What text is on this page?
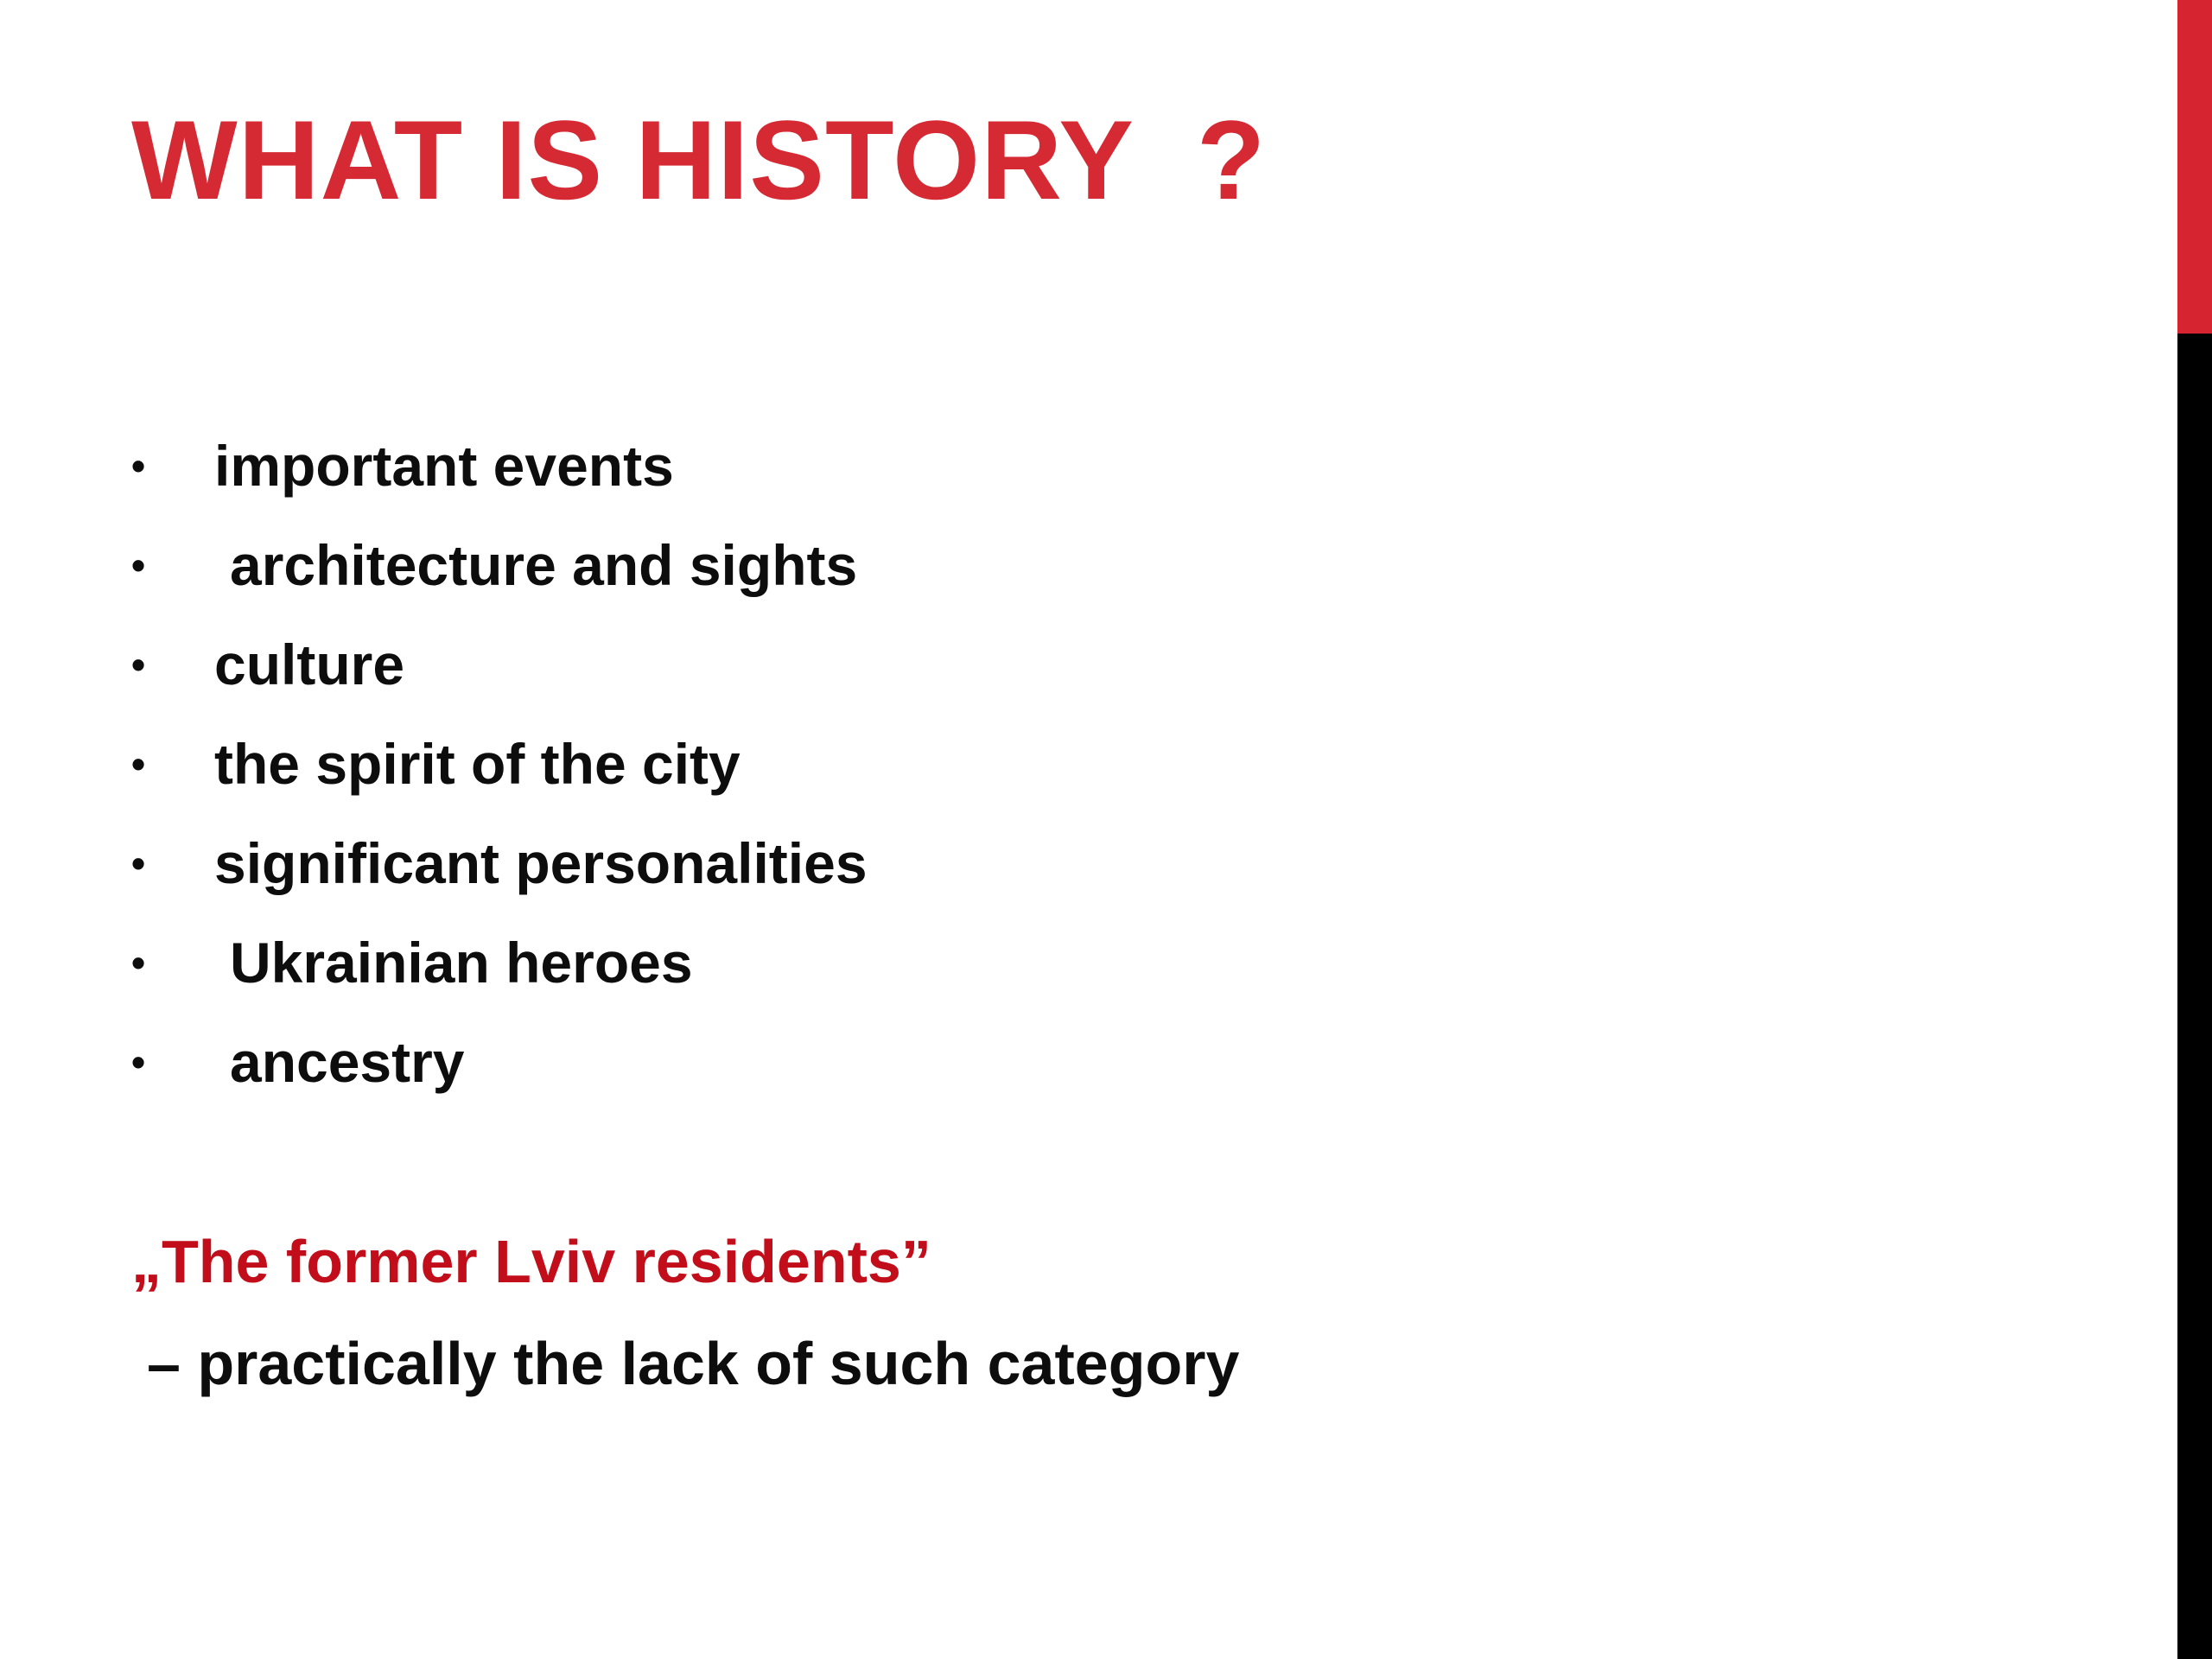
WHAT IS HISTORY  ?

•

important events

•

architecture and sights

•

culture

•

the spirit of the city

•

significant personalities

•

Ukrainian heroes

•

ancestry

„The former Lviv residents”
– practically the lack of such category
